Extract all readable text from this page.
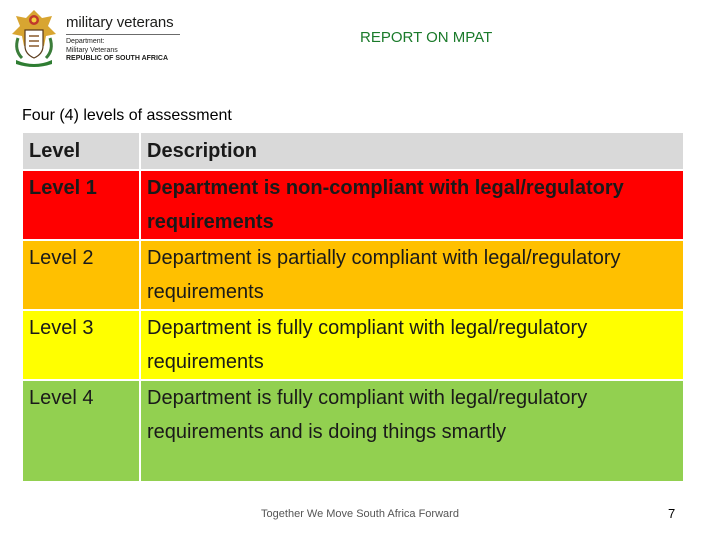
military veterans
Department:
Military Veterans
REPUBLIC OF SOUTH AFRICA
REPORT ON MPAT
Four (4) levels of assessment
Level	Description
Level 1	Department is non-compliant with legal/regulatory requirements
Level 2	Department is partially compliant with legal/regulatory requirements
Level 3	Department is fully compliant with legal/regulatory requirements
Level 4	Department is fully compliant with legal/regulatory requirements and is doing things smartly
Together We Move South Africa Forward	7
